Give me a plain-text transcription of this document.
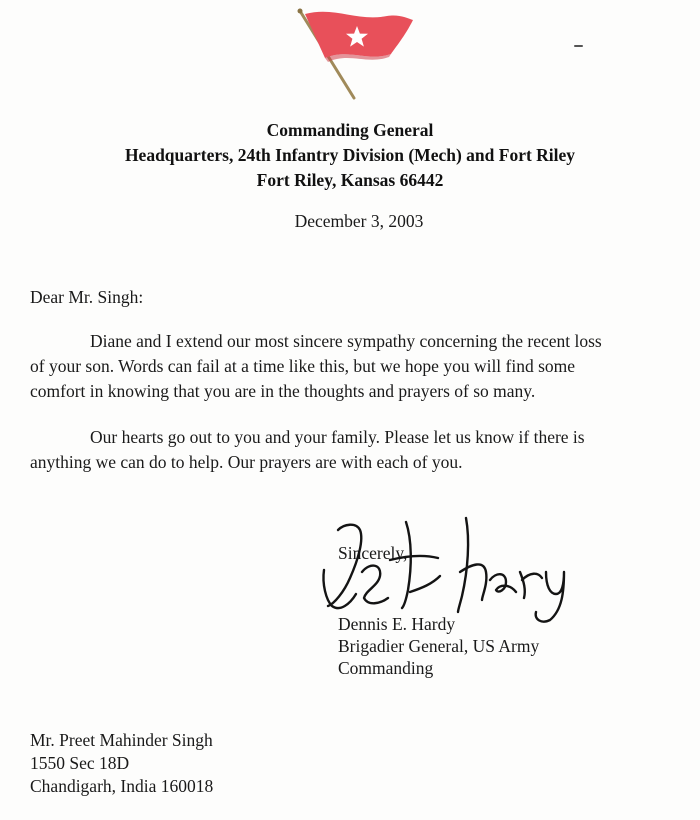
Commanding General
Headquarters, 24th Infantry Division (Mech) and Fort Riley
Fort Riley, Kansas 66442
December 3, 2003
Dear Mr. Singh:
Diane and I extend our most sincere sympathy concerning the recent loss
of your son. Words can fail at a time like this, but we hope you will find some
comfort in knowing that you are in the thoughts and prayers of so many.
Our hearts go out to you and your family. Please let us know if there is
anything we can do to help. Our prayers are with each of you.
Sincerely,
Dennis E. Hardy
Brigadier General, US Army
Commanding
Mr. Preet Mahinder Singh
1550 Sec 18D
Chandigarh, India 160018
